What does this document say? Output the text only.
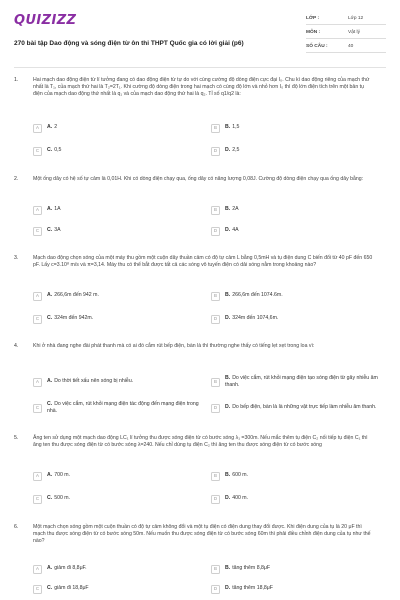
QUIZIZZ
270 bài tập Dao động và sóng điện từ ôn thi THPT Quốc gia có lời giải (p6)
LỚP :	Lớp 12
MÔN :	Vật lý
SỐ CÂU :	40
1.	Hai mạch dao động điện từ lí tưởng đang có dao động điện từ tự do với cùng cường độ dòng điện cực đại I₀. Chu kì dao động riêng của mạch thứ nhất là T₁, của mạch thứ hai là T₂=2T₁. Khi cường độ dòng điện trong hai mạch có cùng độ lớn và nhỏ hơn I₀ thì độ lớn điện tích trên một bản tụ điện của mạch dao động thứ nhất là q₁ và của mạch dao động thứ hai là q₂. Tỉ số q1/q2 là:
A	A. 2	B	B. 1,5
C	C. 0,5	D	D. 2,5
2.	Một ống dây có hệ số tự cảm là 0,01H. Khi có dòng điện chạy qua, ống dây có năng lượng 0,08J. Cường độ dòng điện chạy qua ống dây bằng:
A	A. 1A	B	B. 2A
C	C. 3A	D	D. 4A
3.	Mạch dao động chọn sóng của một máy thu gồm một cuộn dây thuần cảm có độ tự cảm L bằng 0,5mH và tụ điện dung C biến đổi từ 40 pF đến 650 pF. Lấy c=3.10⁸ m/s và π=3,14. Máy thu có thể bắt được tất cả các sóng vô tuyến điện có dải sóng nằm trong khoảng nào?
A	A. 266,6m đến 942 m.	B	B. 266,6m đến 1074.6m.
C	C. 324m đến 942m.	D	D. 324m đến 1074,6m.
4.	Khi ở nhà đang nghe đài phát thanh mà có ai đó cắm rút bếp điện, bàn là thì thường nghe thấy có tiếng lẹt xẹt trong loa vì:
A	A. Do thời tiết xấu nên sóng bị nhiễu.	B
B. Do việc cắm, rút khỏi mạng điện tạo sóng điện từ gây nhiễu âm thanh.
C
C. Do việc cắm, rút khỏi mạng điện tác động đến mạng điện trong nhà.
D	D. Do bếp điện, bàn là là những vật trực tiếp làm nhiễu âm thanh.
5.	Ăng ten sử dụng một mạch dao động LC₁ lí tưởng thu được sóng điện từ có bước sóng λ₁ =300m. Nếu mắc thêm tụ điện C₂ nối tiếp tụ điện C₁ thì ăng ten thu được sóng điện từ có bước sóng λ=240. Nếu chỉ dùng tụ điện C₂ thì ăng ten thu được sóng điện từ có bước sóng
A	A. 700 m.	B	B. 600 m.
C	C. 500 m.	D	D. 400 m.
6.	Một mạch chọn sóng gồm một cuộn thuần có độ tự cảm không đổi và một tụ điện có điện dung thay đổi được. Khi điện dung của tụ là 20 μF thì mạch thu được sóng điện từ có bước sóng 50m. Nếu muốn thu được sóng điện từ có bước sóng 60m thì phải điều chỉnh điện dung của tụ như thế nào?
A	A. giảm đi 8,8μF.	B	B. tăng thêm 8,8μF
C	C. giảm đi 18,8μF	D	D. tăng thêm 18,8μF
